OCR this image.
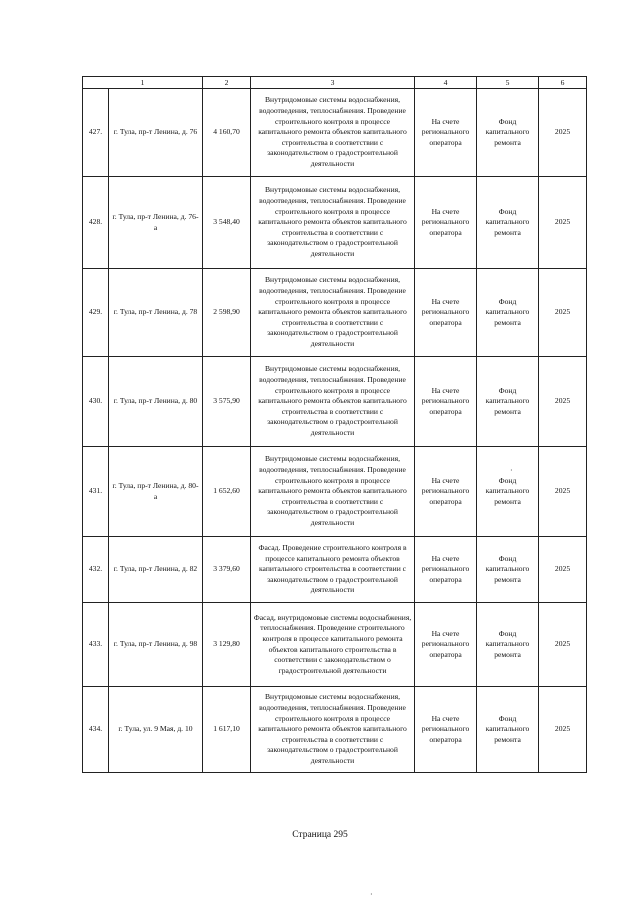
1		2	3	4	5	6
427.	г. Тула, пр-т Ленина, д. 76	4 160,70	Внутридомовые системы водоснабжения, водоотведения, теплоснабжения. Проведение строительного контроля в процессе капитального ремонта объектов капитального строительства в соответствии с законодательством о градостроительной деятельности	На счете регионального оператора	Фонд капитального ремонта	2025
428.	г. Тула, пр-т Ленина, д. 76-а	3 548,40	Внутридомовые системы водоснабжения, водоотведения, теплоснабжения. Проведение строительного контроля в процессе капитального ремонта объектов капитального строительства в соответствии с законодательством о градостроительной деятельности	На счете регионального оператора	Фонд капитального ремонта	2025
429.	г. Тула, пр-т Ленина, д. 78	2 598,90	Внутридомовые системы водоснабжения, водоотведения, теплоснабжения. Проведение строительного контроля в процессе капитального ремонта объектов капитального строительства в соответствии с законодательством о градостроительной деятельности	На счете регионального оператора	Фонд капитального ремонта	2025
430.	г. Тула, пр-т Ленина, д. 80	3 575,90	Внутридомовые системы водоснабжения, водоотведения, теплоснабжения. Проведение строительного контроля в процессе капитального ремонта объектов капитального строительства в соответствии с законодательством о градостроительной деятельности	На счете регионального оператора	Фонд капитального ремонта	2025
431.	г. Тула, пр-т Ленина, д. 80-а	1 652,60	Внутридомовые системы водоснабжения, водоотведения, теплоснабжения. Проведение строительного контроля в процессе капитального ремонта объектов капитального строительства в соответствии с законодательством о градостроительной деятельности	На счете регионального оператора	Фонд капитального ремонта	2025
432.	г. Тула, пр-т Ленина, д. 82	3 379,60	Фасад. Проведение строительного контроля в процессе капитального ремонта объектов капитального строительства в соответствии с законодательством о градостроительной деятельности	На счете регионального оператора	Фонд капитального ремонта	2025
433.	г. Тула, пр-т Ленина, д. 98	3 129,80	Фасад, внутридомовые системы водоснабжения, теплоснабжения. Проведение строительного контроля в процессе капитального ремонта объектов капитального строительства в соответствии с законодательством о градостроительной деятельности	На счете регионального оператора	Фонд капитального ремонта	2025
434.	г. Тула, ул. 9 Мая, д. 10	1 617,10	Внутридомовые системы водоснабжения, водоотведения, теплоснабжения. Проведение строительного контроля в процессе капитального ремонта объектов капитального строительства в соответствии с законодательством о градостроительной деятельности	На счете регионального оператора	Фонд капитального ремонта	2025
Страница 295
·
·
